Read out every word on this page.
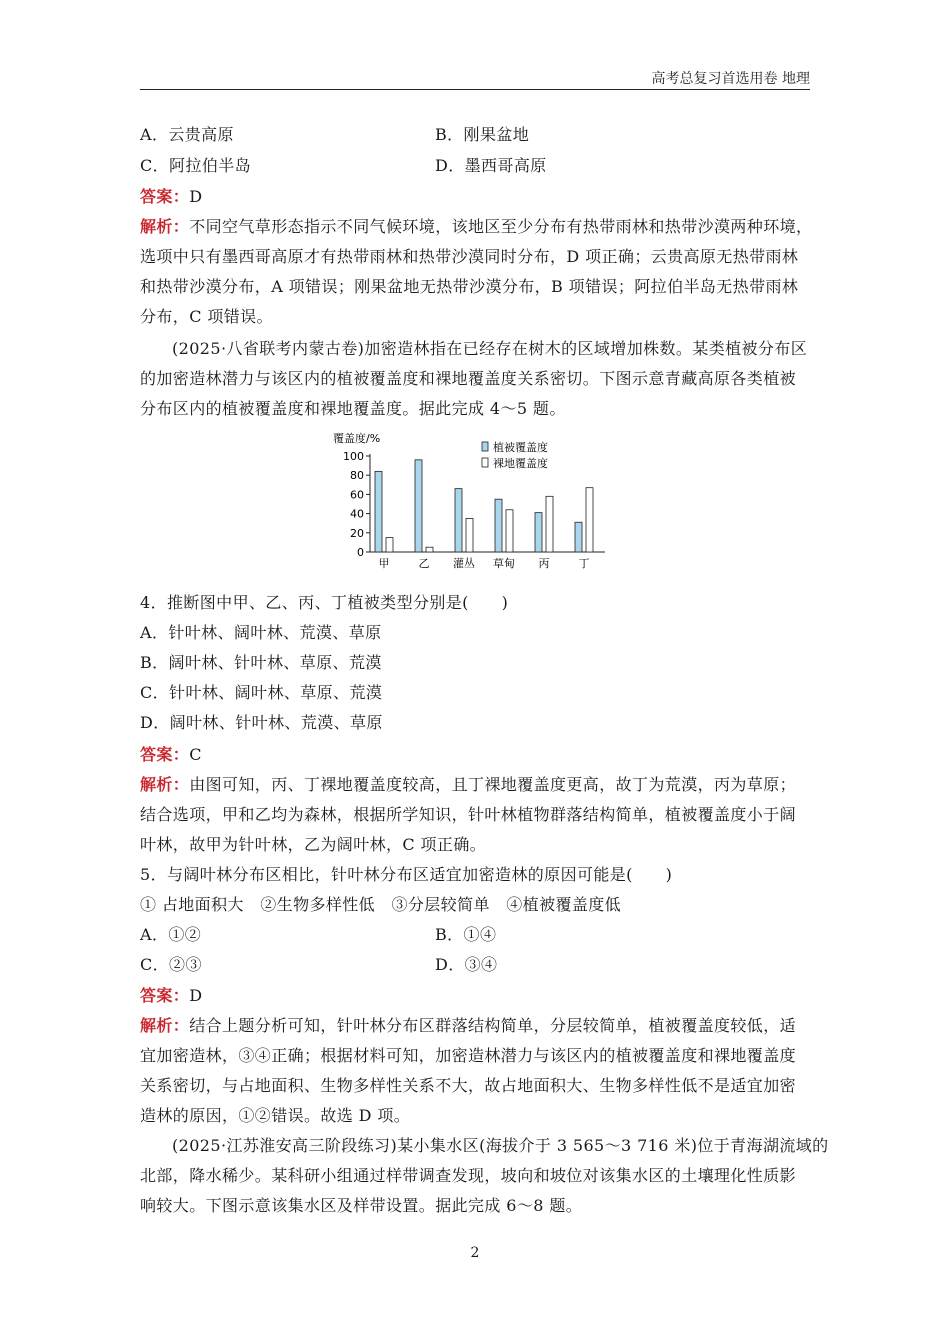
高考总复习首选用卷 地理
A．云贵高原	B．刚果盆地
C．阿拉伯半岛	D．墨西哥高原
答案：D
解析：不同空气草形态指示不同气候环境，该地区至少分布有热带雨林和热带沙漠两种环境，
选项中只有墨西哥高原才有热带雨林和热带沙漠同时分布，D 项正确；云贵高原无热带雨林
和热带沙漠分布，A 项错误；刚果盆地无热带沙漠分布，B 项错误；阿拉伯半岛无热带雨林
分布，C 项错误。
(2025·八省联考内蒙古卷)加密造林指在已经存在树木的区域增加株数。某类植被分布区
的加密造林潜力与该区内的植被覆盖度和裸地覆盖度关系密切。下图示意青藏高原各类植被
分布区内的植被覆盖度和裸地覆盖度。据此完成 4～5 题。
覆盖度/%
0
20
40
60
80
100
甲	乙 灌丛 草甸 丙	丁
植被覆盖度
裸地覆盖度
4．推断图中甲、乙、丙、丁植被类型分别是(　　)
A．针叶林、阔叶林、荒漠、草原
B．阔叶林、针叶林、草原、荒漠
C．针叶林、阔叶林、草原、荒漠
D．阔叶林、针叶林、荒漠、草原
答案：C
解析：由图可知，丙、丁裸地覆盖度较高，且丁裸地覆盖度更高，故丁为荒漠，丙为草原；
结合选项，甲和乙均为森林，根据所学知识，针叶林植物群落结构简单，植被覆盖度小于阔
叶林，故甲为针叶林，乙为阔叶林，C 项正确。
5．与阔叶林分布区相比，针叶林分布区适宜加密造林的原因可能是(　　)
① 占地面积大　②生物多样性低　③分层较简单　④植被覆盖度低
A．①②	B．①④
C．②③	D．③④
答案：D
解析：结合上题分析可知，针叶林分布区群落结构简单，分层较简单，植被覆盖度较低，适
宜加密造林，③④正确；根据材料可知，加密造林潜力与该区内的植被覆盖度和裸地覆盖度
关系密切，与占地面积、生物多样性关系不大，故占地面积大、生物多样性低不是适宜加密
造林的原因，①②错误。故选 D 项。
(2025·江苏淮安高三阶段练习)某小集水区(海拔介于 3 565～3 716 米)位于青海湖流域的
北部，降水稀少。某科研小组通过样带调查发现，坡向和坡位对该集水区的土壤理化性质影
响较大。下图示意该集水区及样带设置。据此完成 6～8 题。
2
